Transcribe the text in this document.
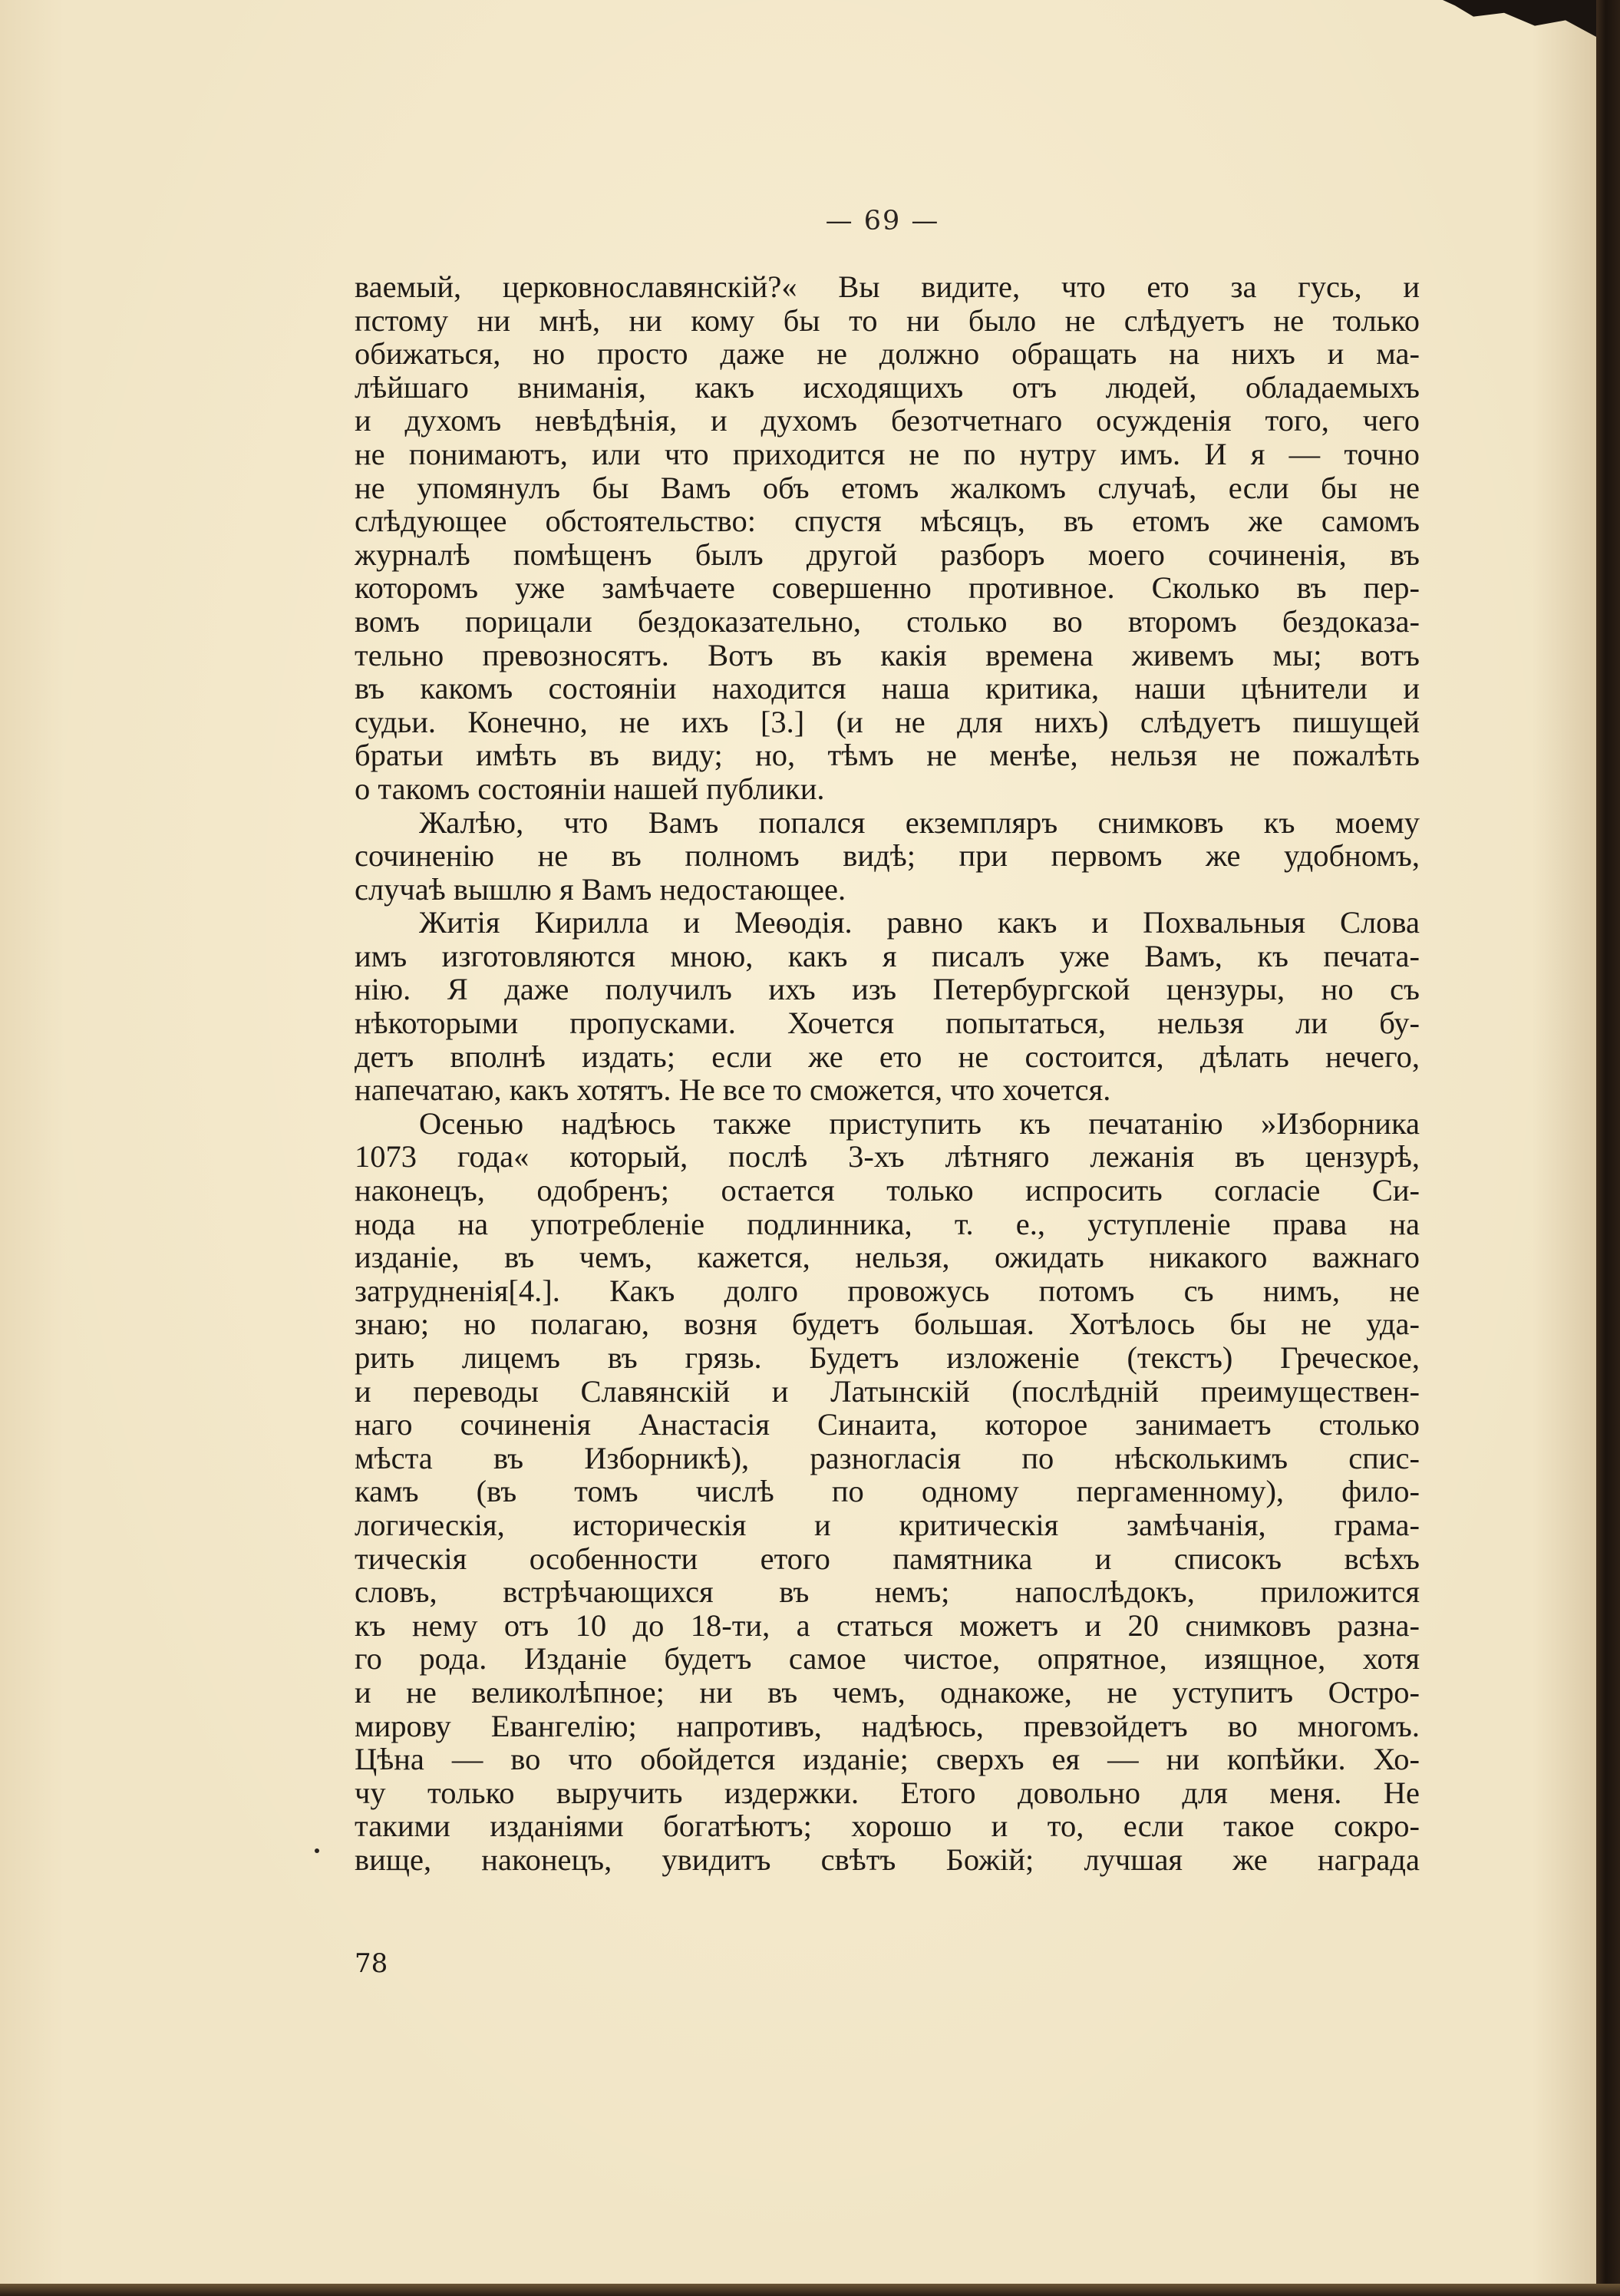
— 69 —
ваемый, церковнославянскій?« Вы видите, что ето за гусь, и
пстому ни мнѣ, ни кому бы то ни было не слѣдуетъ не только
обижаться, но просто даже не должно обращать на нихъ и ма-
лѣйшаго вниманія, какъ исходящихъ отъ людей, обладаемыхъ
и духомъ невѣдѣнія, и духомъ безотчетнаго осужденія того, чего
не понимаютъ, или что приходится не по нутру имъ. И я — точно
не упомянулъ бы Вамъ объ етомъ жалкомъ случаѣ, если бы не
слѣдующее обстоятельство: спустя мѣсяцъ, въ етомъ же самомъ
журналѣ помѣщенъ былъ другой разборъ моего сочиненія, въ
которомъ уже замѣчаете совершенно противное. Сколько въ пер-
вомъ порицали бездоказательно, столько во второмъ бездоказа-
тельно превозносятъ. Вотъ въ какія времена живемъ мы; вотъ
въ какомъ состояніи находится наша критика, наши цѣнители и
судьи. Конечно, не ихъ [3.] (и не для нихъ) слѣдуетъ пишущей
братьи имѣть въ виду; но, тѣмъ не менѣе, нельзя не пожалѣть
о такомъ состояніи нашей публики.
Жалѣю, что Вамъ попался екземпляръ снимковъ къ моему
сочиненію не въ полномъ видѣ; при первомъ же удобномъ,
случаѣ вышлю я Вамъ недостающее.
Житія Кирилла и Меѳодія. равно какъ и Похвальныя Слова
имъ изготовляются мною, какъ я писалъ уже Вамъ, къ печата-
нію. Я даже получилъ ихъ изъ Петербургской цензуры, но съ
нѣкоторыми пропусками. Хочется попытаться, нельзя ли бу-
детъ вполнѣ издать; если же ето не состоится, дѣлать нечего,
напечатаю, какъ хотятъ. Не все то сможется, что хочется.
Осенью надѣюсь также приступить къ печатанію »Изборника
1073 года« который, послѣ 3-хъ лѣтняго лежанія въ цензурѣ,
наконецъ, одобренъ; остается только испросить согласіе Си-
нода на употребленіе подлинника, т. е., уступленіе права на
изданіе, въ чемъ, кажется, нельзя, ожидать никакого важнаго
затрудненія[4.]. Какъ долго провожусь потомъ съ нимъ, не
знаю; но полагаю, возня будетъ большая. Хотѣлось бы не уда-
рить лицемъ въ грязь. Будетъ изложеніе (текстъ) Греческое,
и переводы Славянскій и Латынскій (послѣдній преимуществен-
наго сочиненія Анастасія Синаита, которое занимаетъ столько
мѣста въ Изборникѣ), разногласія по нѣсколькимъ спис-
камъ (въ томъ числѣ по одному пергаменному), фило-
логическія, историческія и критическія замѣчанія, грама-
тическія особенности етого памятника и списокъ всѣхъ
словъ, встрѣчающихся въ немъ; напослѣдокъ, приложится
къ нему отъ 10 до 18-ти, а статься можетъ и 20 снимковъ разна-
го рода. Изданіе будетъ самое чистое, опрятное, изящное, хотя
и не великолѣпное; ни въ чемъ, однакоже, не уступитъ Остро-
мирову Евангелію; напротивъ, надѣюсь, превзойдетъ во многомъ.
Цѣна — во что обойдется изданіе; сверхъ ея — ни копѣйки. Хо-
чу только выручить издержки. Етого довольно для меня. Не
такими изданіями богатѣютъ; хорошо и то, если такое сокро-
вище, наконецъ, увидитъ свѣтъ Божій; лучшая же награда
78
